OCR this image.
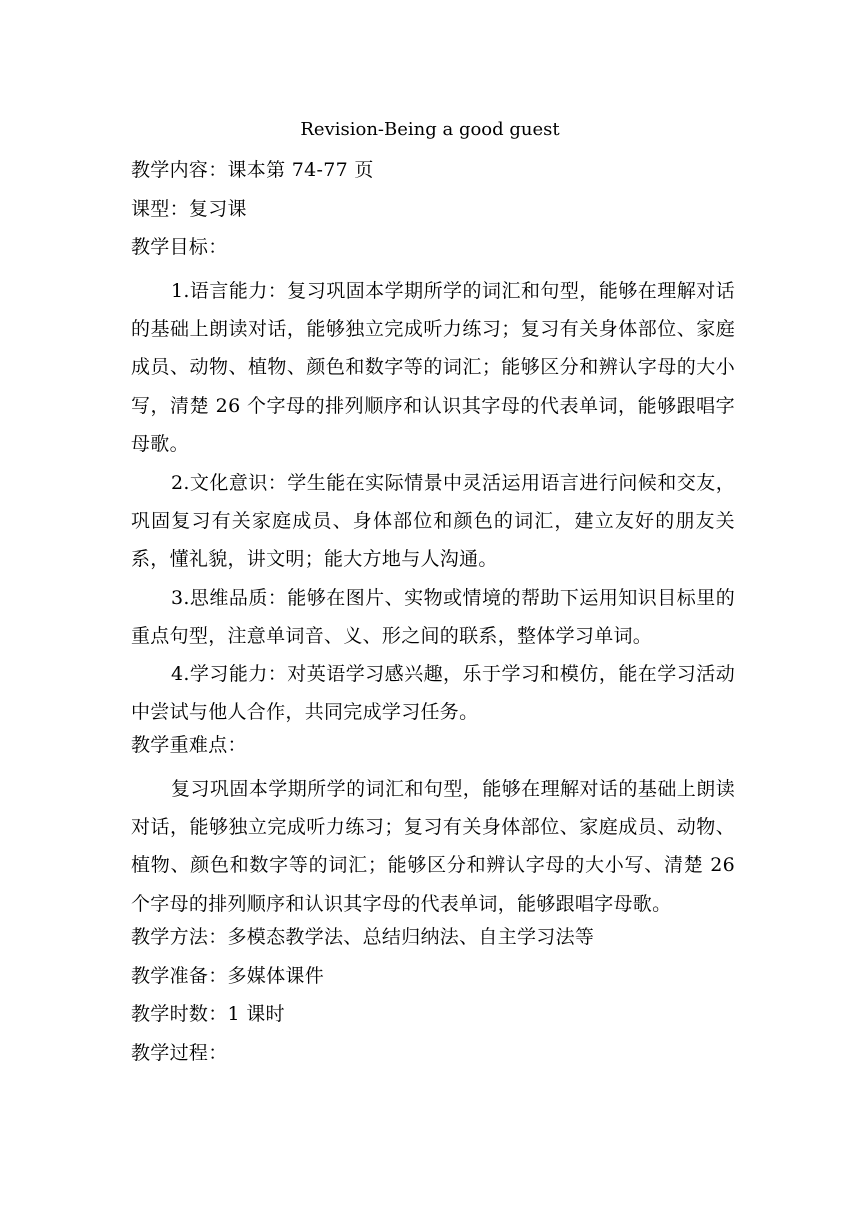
Revision-Being a good guest
教学内容：课本第 74-77 页
课型：复习课
教学目标：
1.语言能力：复习巩固本学期所学的词汇和句型，能够在理解对话的基础上朗读对话，能够独立完成听力练习；复习有关身体部位、家庭成员、动物、植物、颜色和数字等的词汇；能够区分和辨认字母的大小写，清楚 26 个字母的排列顺序和认识其字母的代表单词，能够跟唱字母歌。
2.文化意识：学生能在实际情景中灵活运用语言进行问候和交友，巩固复习有关家庭成员、身体部位和颜色的词汇，建立友好的朋友关系，懂礼貌，讲文明；能大方地与人沟通。
3.思维品质：能够在图片、实物或情境的帮助下运用知识目标里的重点句型，注意单词音、义、形之间的联系，整体学习单词。
4.学习能力：对英语学习感兴趣，乐于学习和模仿，能在学习活动中尝试与他人合作，共同完成学习任务。
教学重难点：
复习巩固本学期所学的词汇和句型，能够在理解对话的基础上朗读对话，能够独立完成听力练习；复习有关身体部位、家庭成员、动物、植物、颜色和数字等的词汇；能够区分和辨认字母的大小写、清楚 26 个字母的排列顺序和认识其字母的代表单词，能够跟唱字母歌。
教学方法：多模态教学法、总结归纳法、自主学习法等
教学准备：多媒体课件
教学时数：1 课时
教学过程：
